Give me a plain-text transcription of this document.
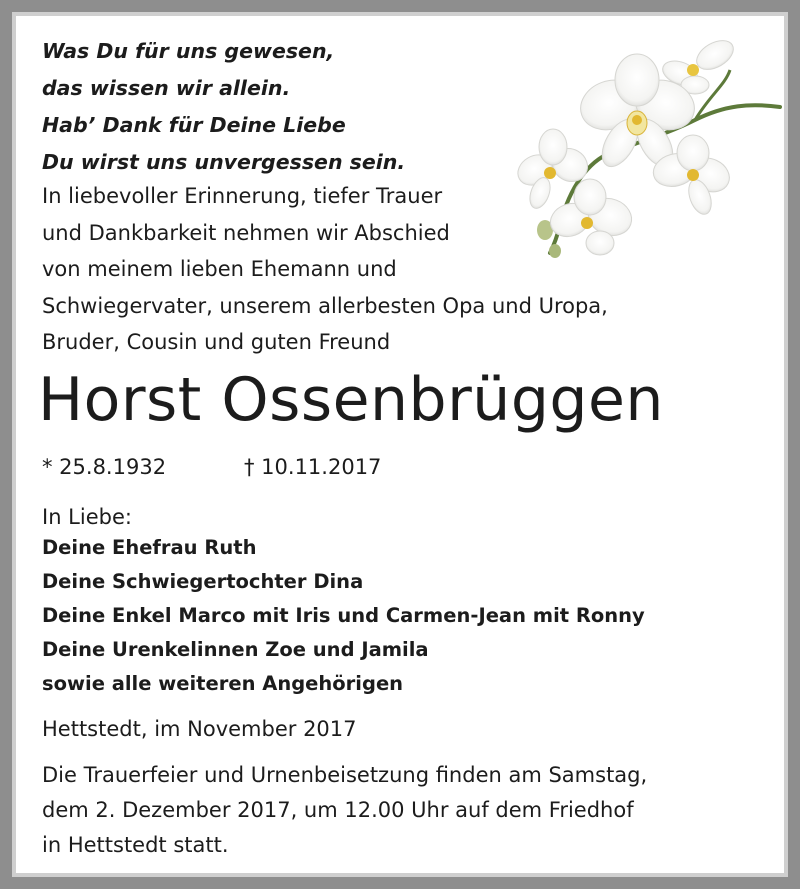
Was Du für uns gewesen,
das wissen wir allein.
Hab’ Dank für Deine Liebe
Du wirst uns unvergessen sein.
In liebevoller Erinnerung, tiefer Trauer
und Dankbarkeit nehmen wir Abschied
von meinem lieben Ehemann und
Schwiegervater, unserem allerbesten Opa und Uropa,
Bruder, Cousin und guten Freund
Horst Ossenbrüggen
* 25.8.1932	† 10.11.2017
In Liebe:
Deine Ehefrau Ruth
Deine Schwiegertochter Dina
Deine Enkel Marco mit Iris und Carmen-Jean mit Ronny
Deine Urenkelinnen Zoe und Jamila
sowie alle weiteren Angehörigen
Hettstedt, im November 2017
Die Trauerfeier und Urnenbeisetzung finden am Samstag,
dem 2. Dezember 2017, um 12.00 Uhr auf dem Friedhof
in Hettstedt statt.
